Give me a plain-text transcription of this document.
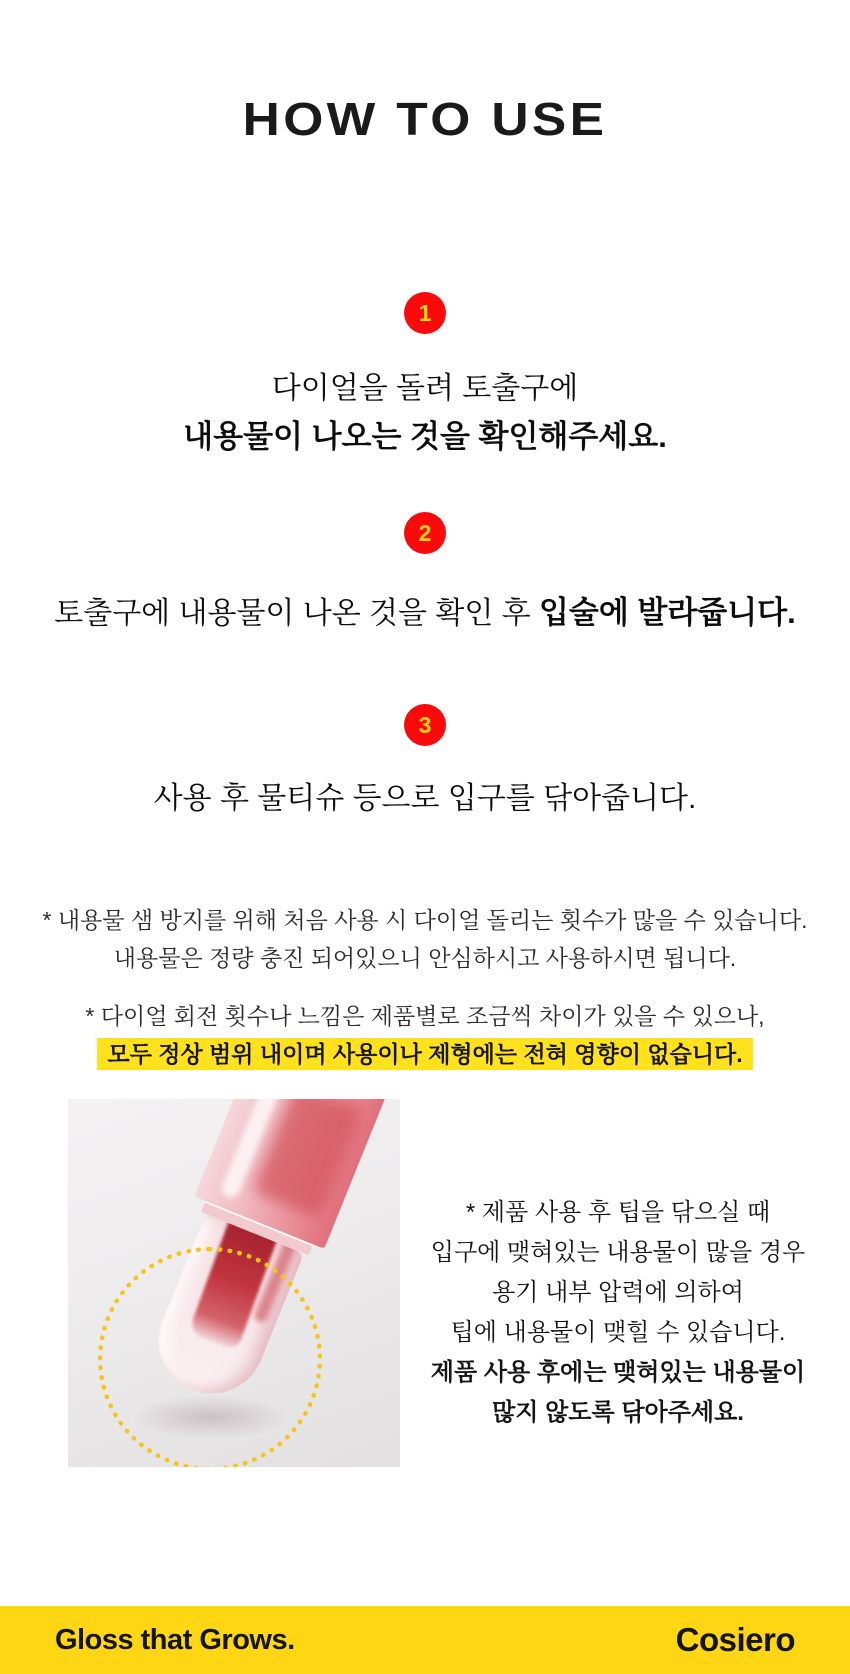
HOW TO USE
1

다이얼을 돌려 토출구에

내용물이 나오는 것을 확인해주세요.

2

토출구에 내용물이 나온 것을 확인 후 입술에 발라줍니다.

3

사용 후 물티슈 등으로 입구를 닦아줍니다.

* 내용물 샘 방지를 위해 처음 사용 시 다이얼 돌리는 횟수가 많을 수 있습니다.

내용물은 정량 충진 되어있으니 안심하시고 사용하시면 됩니다.

* 다이얼 회전 횟수나 느낌은 제품별로 조금씩 차이가 있을 수 있으나,

모두 정상 범위 내이며 사용이나 제형에는 전혀 영향이 없습니다.

* 제품 사용 후 팁을 닦으실 때

입구에 맺혀있는 내용물이 많을 경우

용기 내부 압력에 의하여

팁에 내용물이 맺힐 수 있습니다.

제품 사용 후에는 맺혀있는 내용물이

많지 않도록 닦아주세요.

Gloss that Grows.	Cosiero
